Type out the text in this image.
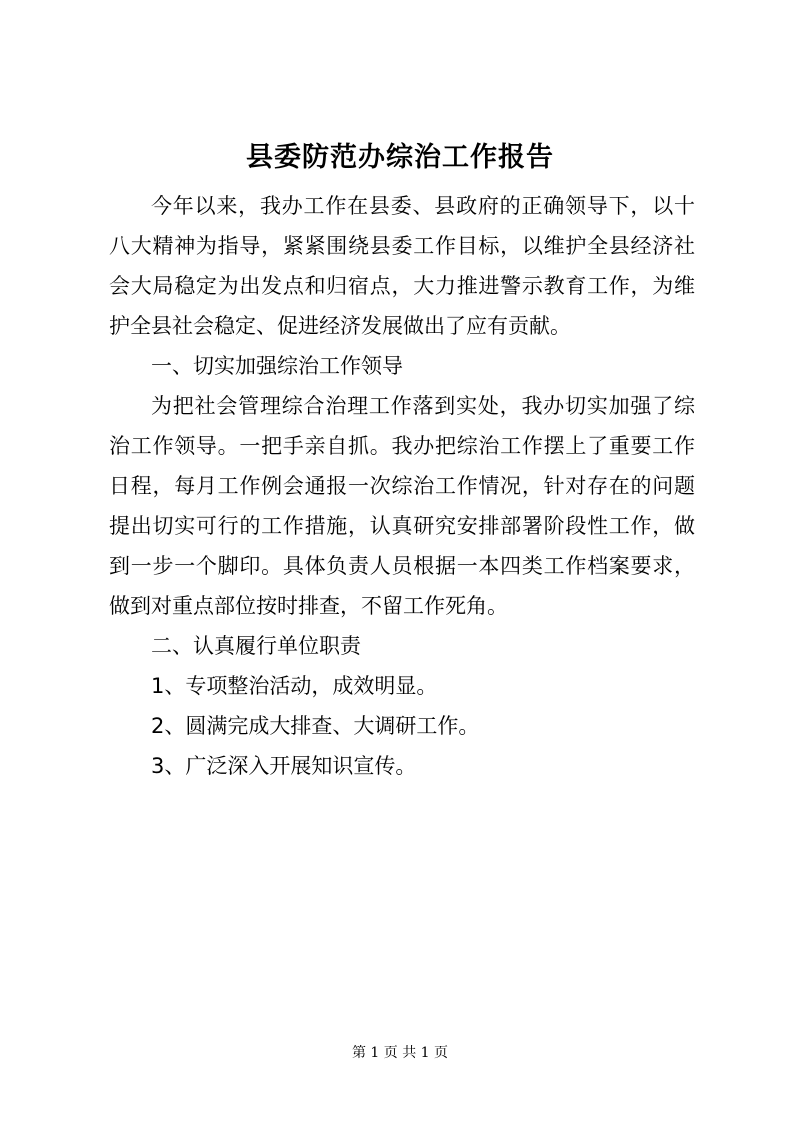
县委防范办综治工作报告

今年以来，我办工作在县委、县政府的正确领导下，以十八大精神为指导，紧紧围绕县委工作目标，以维护全县经济社会大局稳定为出发点和归宿点，大力推进警示教育工作，为维护全县社会稳定、促进经济发展做出了应有贡献。

一、切实加强综治工作领导

为把社会管理综合治理工作落到实处，我办切实加强了综治工作领导。一把手亲自抓。我办把综治工作摆上了重要工作日程，每月工作例会通报一次综治工作情况，针对存在的问题提出切实可行的工作措施，认真研究安排部署阶段性工作，做到一步一个脚印。具体负责人员根据一本四类工作档案要求，做到对重点部位按时排查，不留工作死角。

二、认真履行单位职责

1、专项整治活动，成效明显。

2、圆满完成大排查、大调研工作。

3、广泛深入开展知识宣传。

第 1 页 共 1 页
